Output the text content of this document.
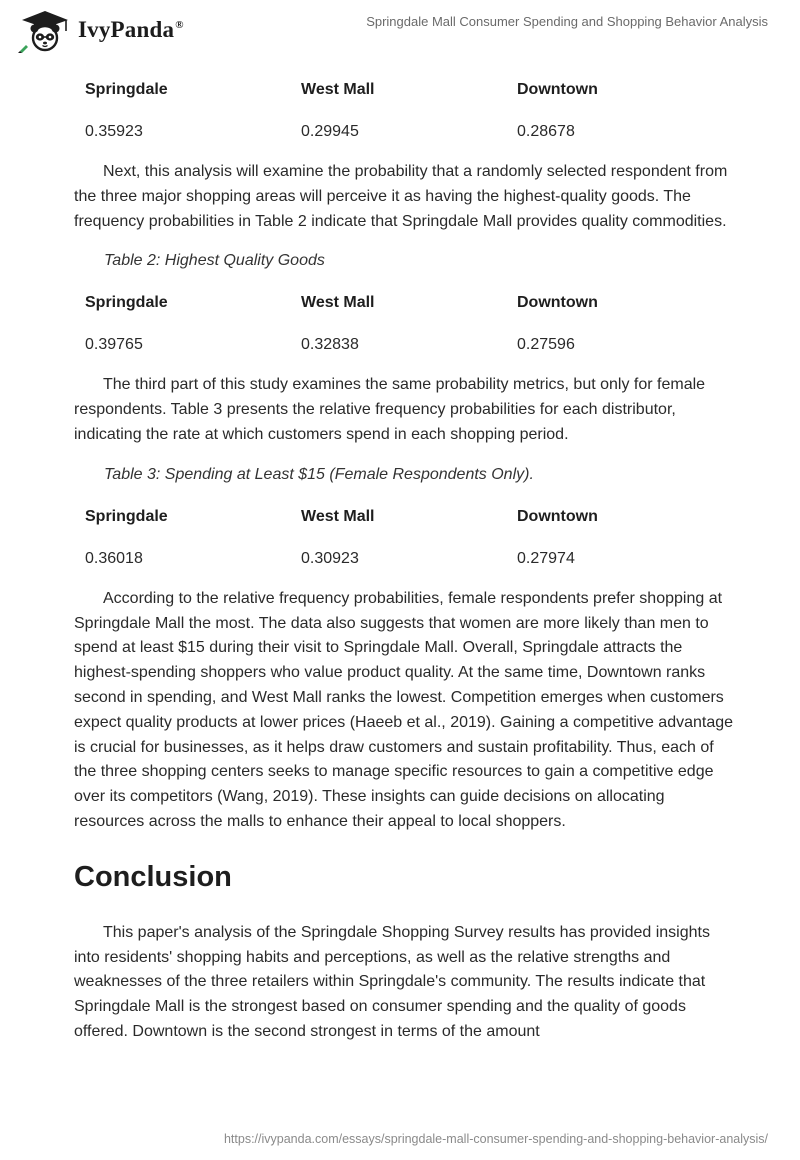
IvyPanda®	Springdale Mall Consumer Spending and Shopping Behavior Analysis
Springdale	West Mall	Downtown
0.35923	0.29945	0.28678

Next, this analysis will examine the probability that a randomly selected respondent from the three major shopping areas will perceive it as having the highest-quality goods. The frequency probabilities in Table 2 indicate that Springdale Mall provides quality commodities.

Table 2: Highest Quality Goods
Springdale	West Mall	Downtown
0.39765	0.32838	0.27596

The third part of this study examines the same probability metrics, but only for female respondents. Table 3 presents the relative frequency probabilities for each distributor, indicating the rate at which customers spend in each shopping period.

Table 3: Spending at Least $15 (Female Respondents Only).
Springdale	West Mall	Downtown
0.36018	0.30923	0.27974

According to the relative frequency probabilities, female respondents prefer shopping at Springdale Mall the most. The data also suggests that women are more likely than men to spend at least $15 during their visit to Springdale Mall. Overall, Springdale attracts the highest-spending shoppers who value product quality. At the same time, Downtown ranks second in spending, and West Mall ranks the lowest. Competition emerges when customers expect quality products at lower prices (Haeeb et al., 2019). Gaining a competitive advantage is crucial for businesses, as it helps draw customers and sustain profitability. Thus, each of the three shopping centers seeks to manage specific resources to gain a competitive edge over its competitors (Wang, 2019). These insights can guide decisions on allocating resources across the malls to enhance their appeal to local shoppers.

Conclusion

This paper's analysis of the Springdale Shopping Survey results has provided insights into residents' shopping habits and perceptions, as well as the relative strengths and weaknesses of the three retailers within Springdale's community. The results indicate that Springdale Mall is the strongest based on consumer spending and the quality of goods offered. Downtown is the second strongest in terms of the amount

https://ivypanda.com/essays/springdale-mall-consumer-spending-and-shopping-behavior-analysis/
